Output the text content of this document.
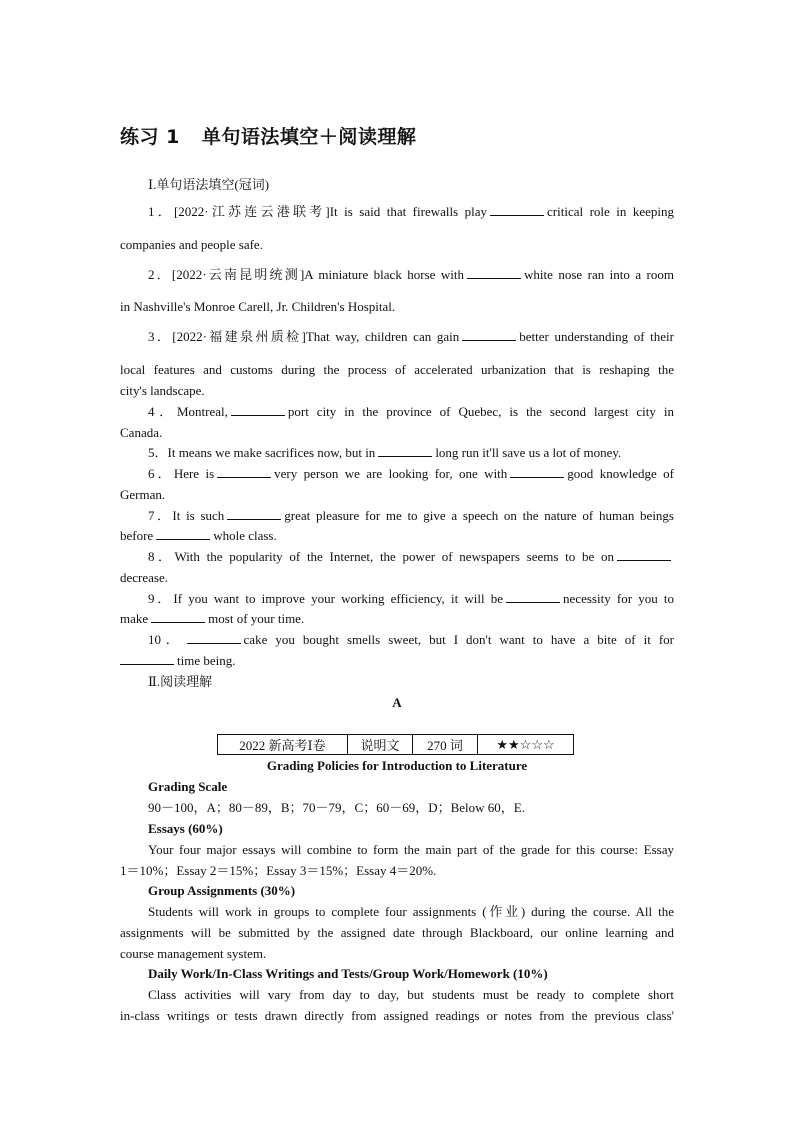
练习 1 单句语法填空＋阅读理解
Ⅰ.单句语法填空(冠词)
1．[2022·江苏连云港联考]It is said that firewalls play	critical role in keeping
companies and people safe.
2．[2022·云南昆明统测]A miniature black horse with	white nose ran into a room
in Nashville's Monroe Carell, Jr. Children's Hospital.
3．[2022·福建泉州质检]That way, children can gain	better understanding of their
local features and customs during the process of accelerated urbanization that is reshaping the
city's landscape.
4．Montreal,	port city in the province of Quebec, is the second largest city in
Canada.
5．It means we make sacrifices now, but in	long run it'll save us a lot of money.
6．Here is	very person we are looking for, one with	good knowledge of
German.
7．It is such	great pleasure for me to give a speech on the nature of human beings
before	whole class.
8．With the popularity of the Internet, the power of newspapers seems to be on
decrease.
9．If you want to improve your working efficiency, it will be	necessity for you to
make	most of your time.
10．	cake you bought smells sweet, but I don't want to have a bite of it for
time being.
Ⅱ.阅读理解
A
2022 新高考Ⅰ卷	说明文	270 词	★★☆☆☆
Grading Policies for Introduction to Literature
Grading Scale
90－100，A；80－89，B；70－79，C；60－69，D；Below 60，E.
Essays (60%)
Your four major essays will combine to form the main part of the grade for this course: Essay
1＝10%；Essay 2＝15%；Essay 3＝15%；Essay 4＝20%.
Group Assignments (30%)
Students will work in groups to complete four assignments (作业) during the course. All the
assignments will be submitted by the assigned date through Blackboard, our online learning and
course management system.
Daily Work/In-Class Writings and Tests/Group Work/Homework (10%)
Class activities will vary from day to day, but students must be ready to complete short
in-class writings or tests drawn directly from assigned readings or notes from the previous class'
